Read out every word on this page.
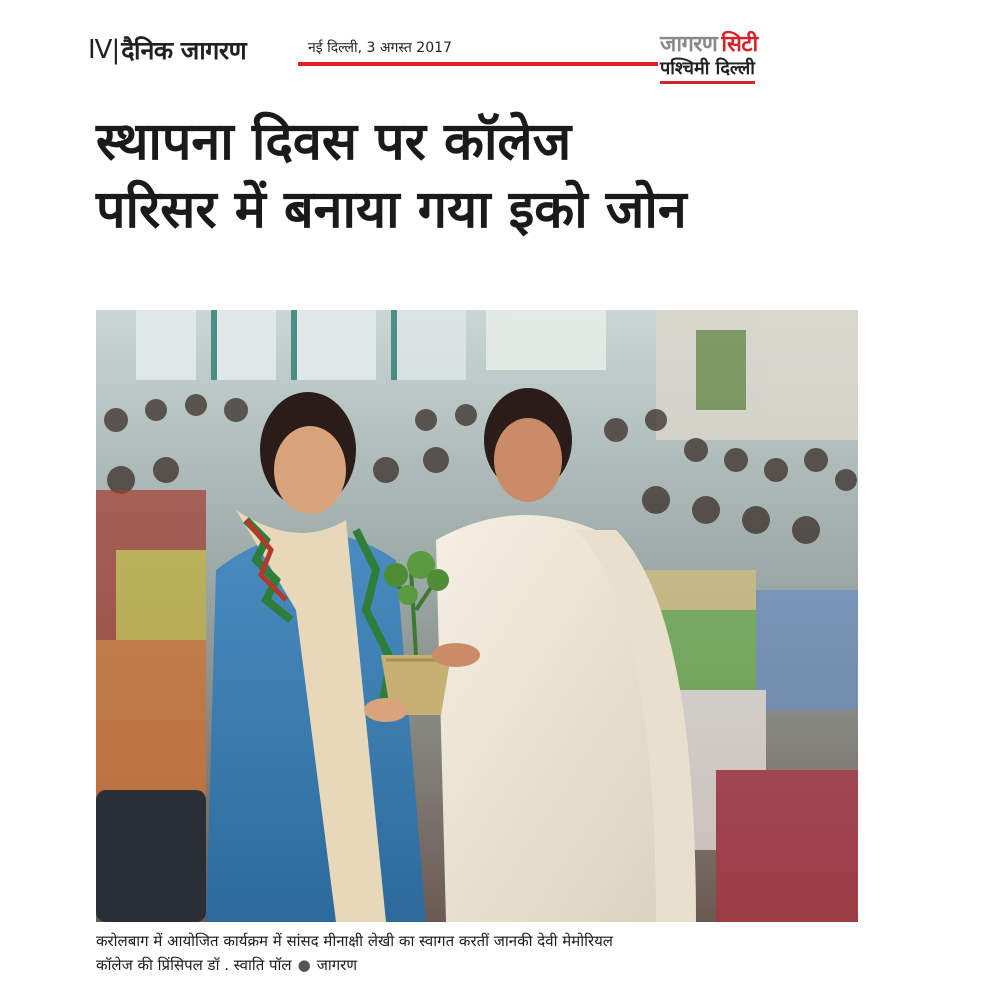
IV| दैनिक जागरण	नई दिल्ली, 3 अगस्त 2017	जागरण सिटी
पश्चिमी दिल्ली
स्थापना दिवस पर कॉलेज
परिसर में बनाया गया इको जोन

करोलबाग में आयोजित कार्यक्रम में सांसद मीनाक्षी लेखी का स्वागत करतीं जानकी देवी मेमोरियल
कॉलेज की प्रिंसिपल डॉ . स्वाति पॉल ● जागरण
